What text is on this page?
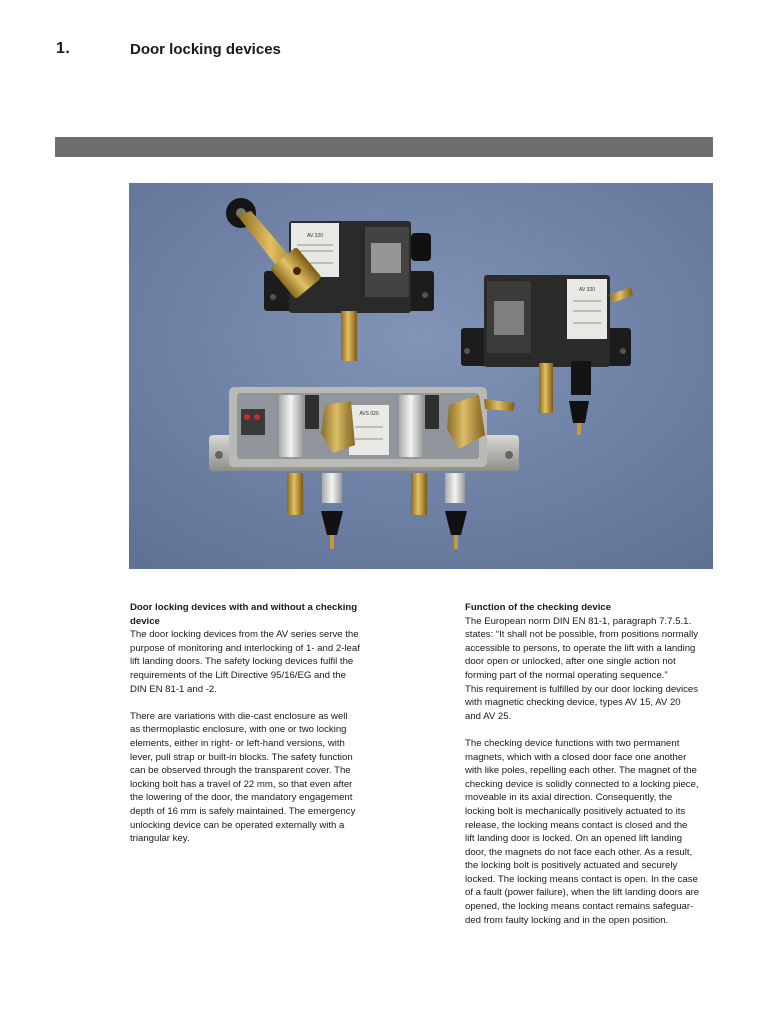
1.	Door locking devices
AV 320
AV 320
AVS 020
Door locking devices with and without a checking device

The door locking devices from the AV series serve the
purpose of monitoring and interlocking of 1- and 2-leaf
lift landing doors. The safety locking devices fulfil the
requirements of the Lift Directive 95/16/EG and the
DIN EN 81-1 and -2.

There are variations with die-cast enclosure as well
as thermoplastic enclosure, with one or two locking
elements, either in right- or left-hand versions, with
lever, pull strap or built-in blocks. The safety function
can be observed through the transparent cover. The
locking bolt has a travel of 22 mm, so that even after
the lowering of the door, the mandatory engagement
depth of 16 mm is safely maintained. The emergency
unlocking device can be operated externally with a
triangular key.

Function of the checking device

The European norm DIN EN 81-1, paragraph 7.7.5.1.
states: “It shall not be possible, from positions normally
accessible to persons, to operate the lift with a landing
door open or unlocked, after one single action not
forming part of the normal operating sequence.”
This requirement is fulfilled by our door locking devices
with magnetic checking device, types AV 15, AV 20
and AV 25.

The checking device functions with two permanent
magnets, which with a closed door face one another
with like poles, repelling each other. The magnet of the
checking device is solidly connected to a locking piece,
moveable in its axial direction. Consequently, the
locking bolt is mechanically positively actuated to its
release, the locking means contact is closed and the
lift landing door is locked. On an opened lift landing
door, the magnets do not face each other. As a result,
the locking bolt is positively actuated and securely
locked. The locking means contact is open. In the case
of a fault (power failure), when the lift landing doors are
opened, the locking means contact remains safeguar-
ded from faulty locking and in the open position.
